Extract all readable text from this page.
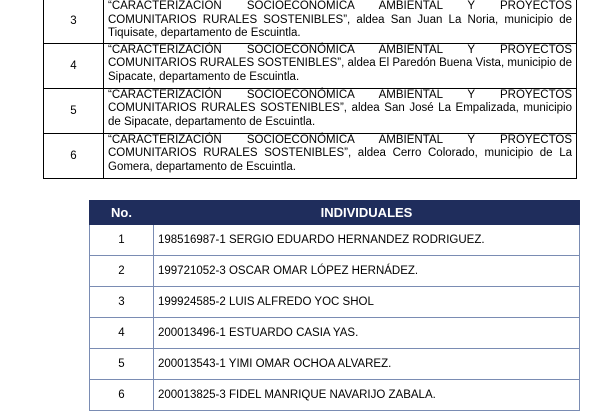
3	“CARACTERIZACIÓN SOCIOECONÓMICA AMBIENTAL Y PROYECTOS COMUNITARIOS RURALES SOSTENIBLES”, aldea San Juan La Noria, municipio de Tiquisate, departamento de Escuintla.
4	“CARACTERIZACIÓN SOCIOECONÓMICA AMBIENTAL Y PROYECTOS COMUNITARIOS RURALES SOSTENIBLES”, aldea El Paredón Buena Vista, municipio de Sipacate, departamento de Escuintla.
5	“CARACTERIZACIÓN SOCIOECONÓMICA AMBIENTAL Y PROYECTOS COMUNITARIOS RURALES SOSTENIBLES”, aldea San José La Empalizada, municipio de Sipacate, departamento de Escuintla.
6	“CARACTERIZACIÓN SOCIOECONÓMICA AMBIENTAL Y PROYECTOS COMUNITARIOS RURALES SOSTENIBLES”, aldea Cerro Colorado, municipio de La Gomera, departamento de Escuintla.
No.	INDIVIDUALES
1	198516987-1 SERGIO EDUARDO HERNANDEZ RODRIGUEZ.
2	199721052-3 OSCAR OMAR LÓPEZ HERNÁDEZ.
3	199924585-2 LUIS ALFREDO YOC SHOL
4	200013496-1 ESTUARDO CASIA YAS.
5	200013543-1 YIMI OMAR OCHOA ALVAREZ.
6	200013825-3 FIDEL MANRIQUE NAVARIJO ZABALA.
